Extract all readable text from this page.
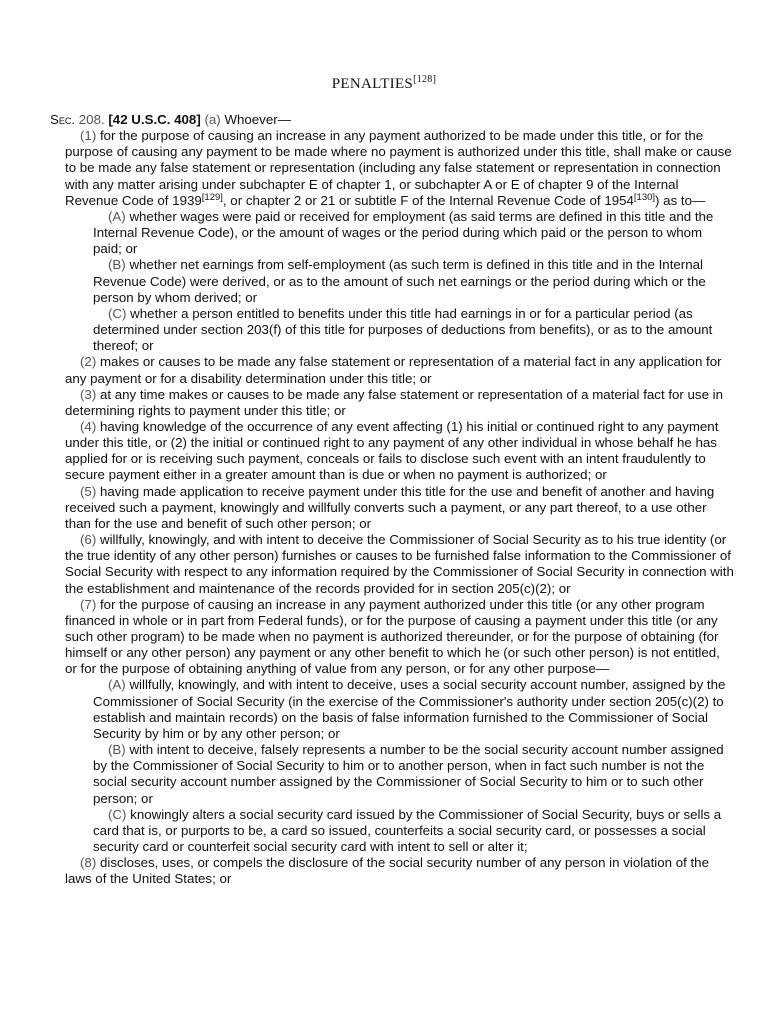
PENALTIES[128]

Sec. 208. [42 U.S.C. 408] (a) Whoever—

(1) for the purpose of causing an increase in any payment authorized to be made under this title, or for the purpose of causing any payment to be made where no payment is authorized under this title, shall make or cause to be made any false statement or representation (including any false statement or representation in connection with any matter arising under subchapter E of chapter 1, or subchapter A or E of chapter 9 of the Internal Revenue Code of 1939[129], or chapter 2 or 21 or subtitle F of the Internal Revenue Code of 1954[130]) as to—

(A) whether wages were paid or received for employment (as said terms are defined in this title and the Internal Revenue Code), or the amount of wages or the period during which paid or the person to whom paid; or

(B) whether net earnings from self-employment (as such term is defined in this title and in the Internal Revenue Code) were derived, or as to the amount of such net earnings or the period during which or the person by whom derived; or

(C) whether a person entitled to benefits under this title had earnings in or for a particular period (as determined under section 203(f) of this title for purposes of deductions from benefits), or as to the amount thereof; or

(2) makes or causes to be made any false statement or representation of a material fact in any application for any payment or for a disability determination under this title; or

(3) at any time makes or causes to be made any false statement or representation of a material fact for use in determining rights to payment under this title; or

(4) having knowledge of the occurrence of any event affecting (1) his initial or continued right to any payment under this title, or (2) the initial or continued right to any payment of any other individual in whose behalf he has applied for or is receiving such payment, conceals or fails to disclose such event with an intent fraudulently to secure payment either in a greater amount than is due or when no payment is authorized; or

(5) having made application to receive payment under this title for the use and benefit of another and having received such a payment, knowingly and willfully converts such a payment, or any part thereof, to a use other than for the use and benefit of such other person; or

(6) willfully, knowingly, and with intent to deceive the Commissioner of Social Security as to his true identity (or the true identity of any other person) furnishes or causes to be furnished false information to the Commissioner of Social Security with respect to any information required by the Commissioner of Social Security in connection with the establishment and maintenance of the records provided for in section 205(c)(2); or

(7) for the purpose of causing an increase in any payment authorized under this title (or any other program financed in whole or in part from Federal funds), or for the purpose of causing a payment under this title (or any such other program) to be made when no payment is authorized thereunder, or for the purpose of obtaining (for himself or any other person) any payment or any other benefit to which he (or such other person) is not entitled, or for the purpose of obtaining anything of value from any person, or for any other purpose—

(A) willfully, knowingly, and with intent to deceive, uses a social security account number, assigned by the Commissioner of Social Security (in the exercise of the Commissioner's authority under section 205(c)(2) to establish and maintain records) on the basis of false information furnished to the Commissioner of Social Security by him or by any other person; or

(B) with intent to deceive, falsely represents a number to be the social security account number assigned by the Commissioner of Social Security to him or to another person, when in fact such number is not the social security account number assigned by the Commissioner of Social Security to him or to such other person; or

(C) knowingly alters a social security card issued by the Commissioner of Social Security, buys or sells a card that is, or purports to be, a card so issued, counterfeits a social security card, or possesses a social security card or counterfeit social security card with intent to sell or alter it;

(8) discloses, uses, or compels the disclosure of the social security number of any person in violation of the laws of the United States; or
